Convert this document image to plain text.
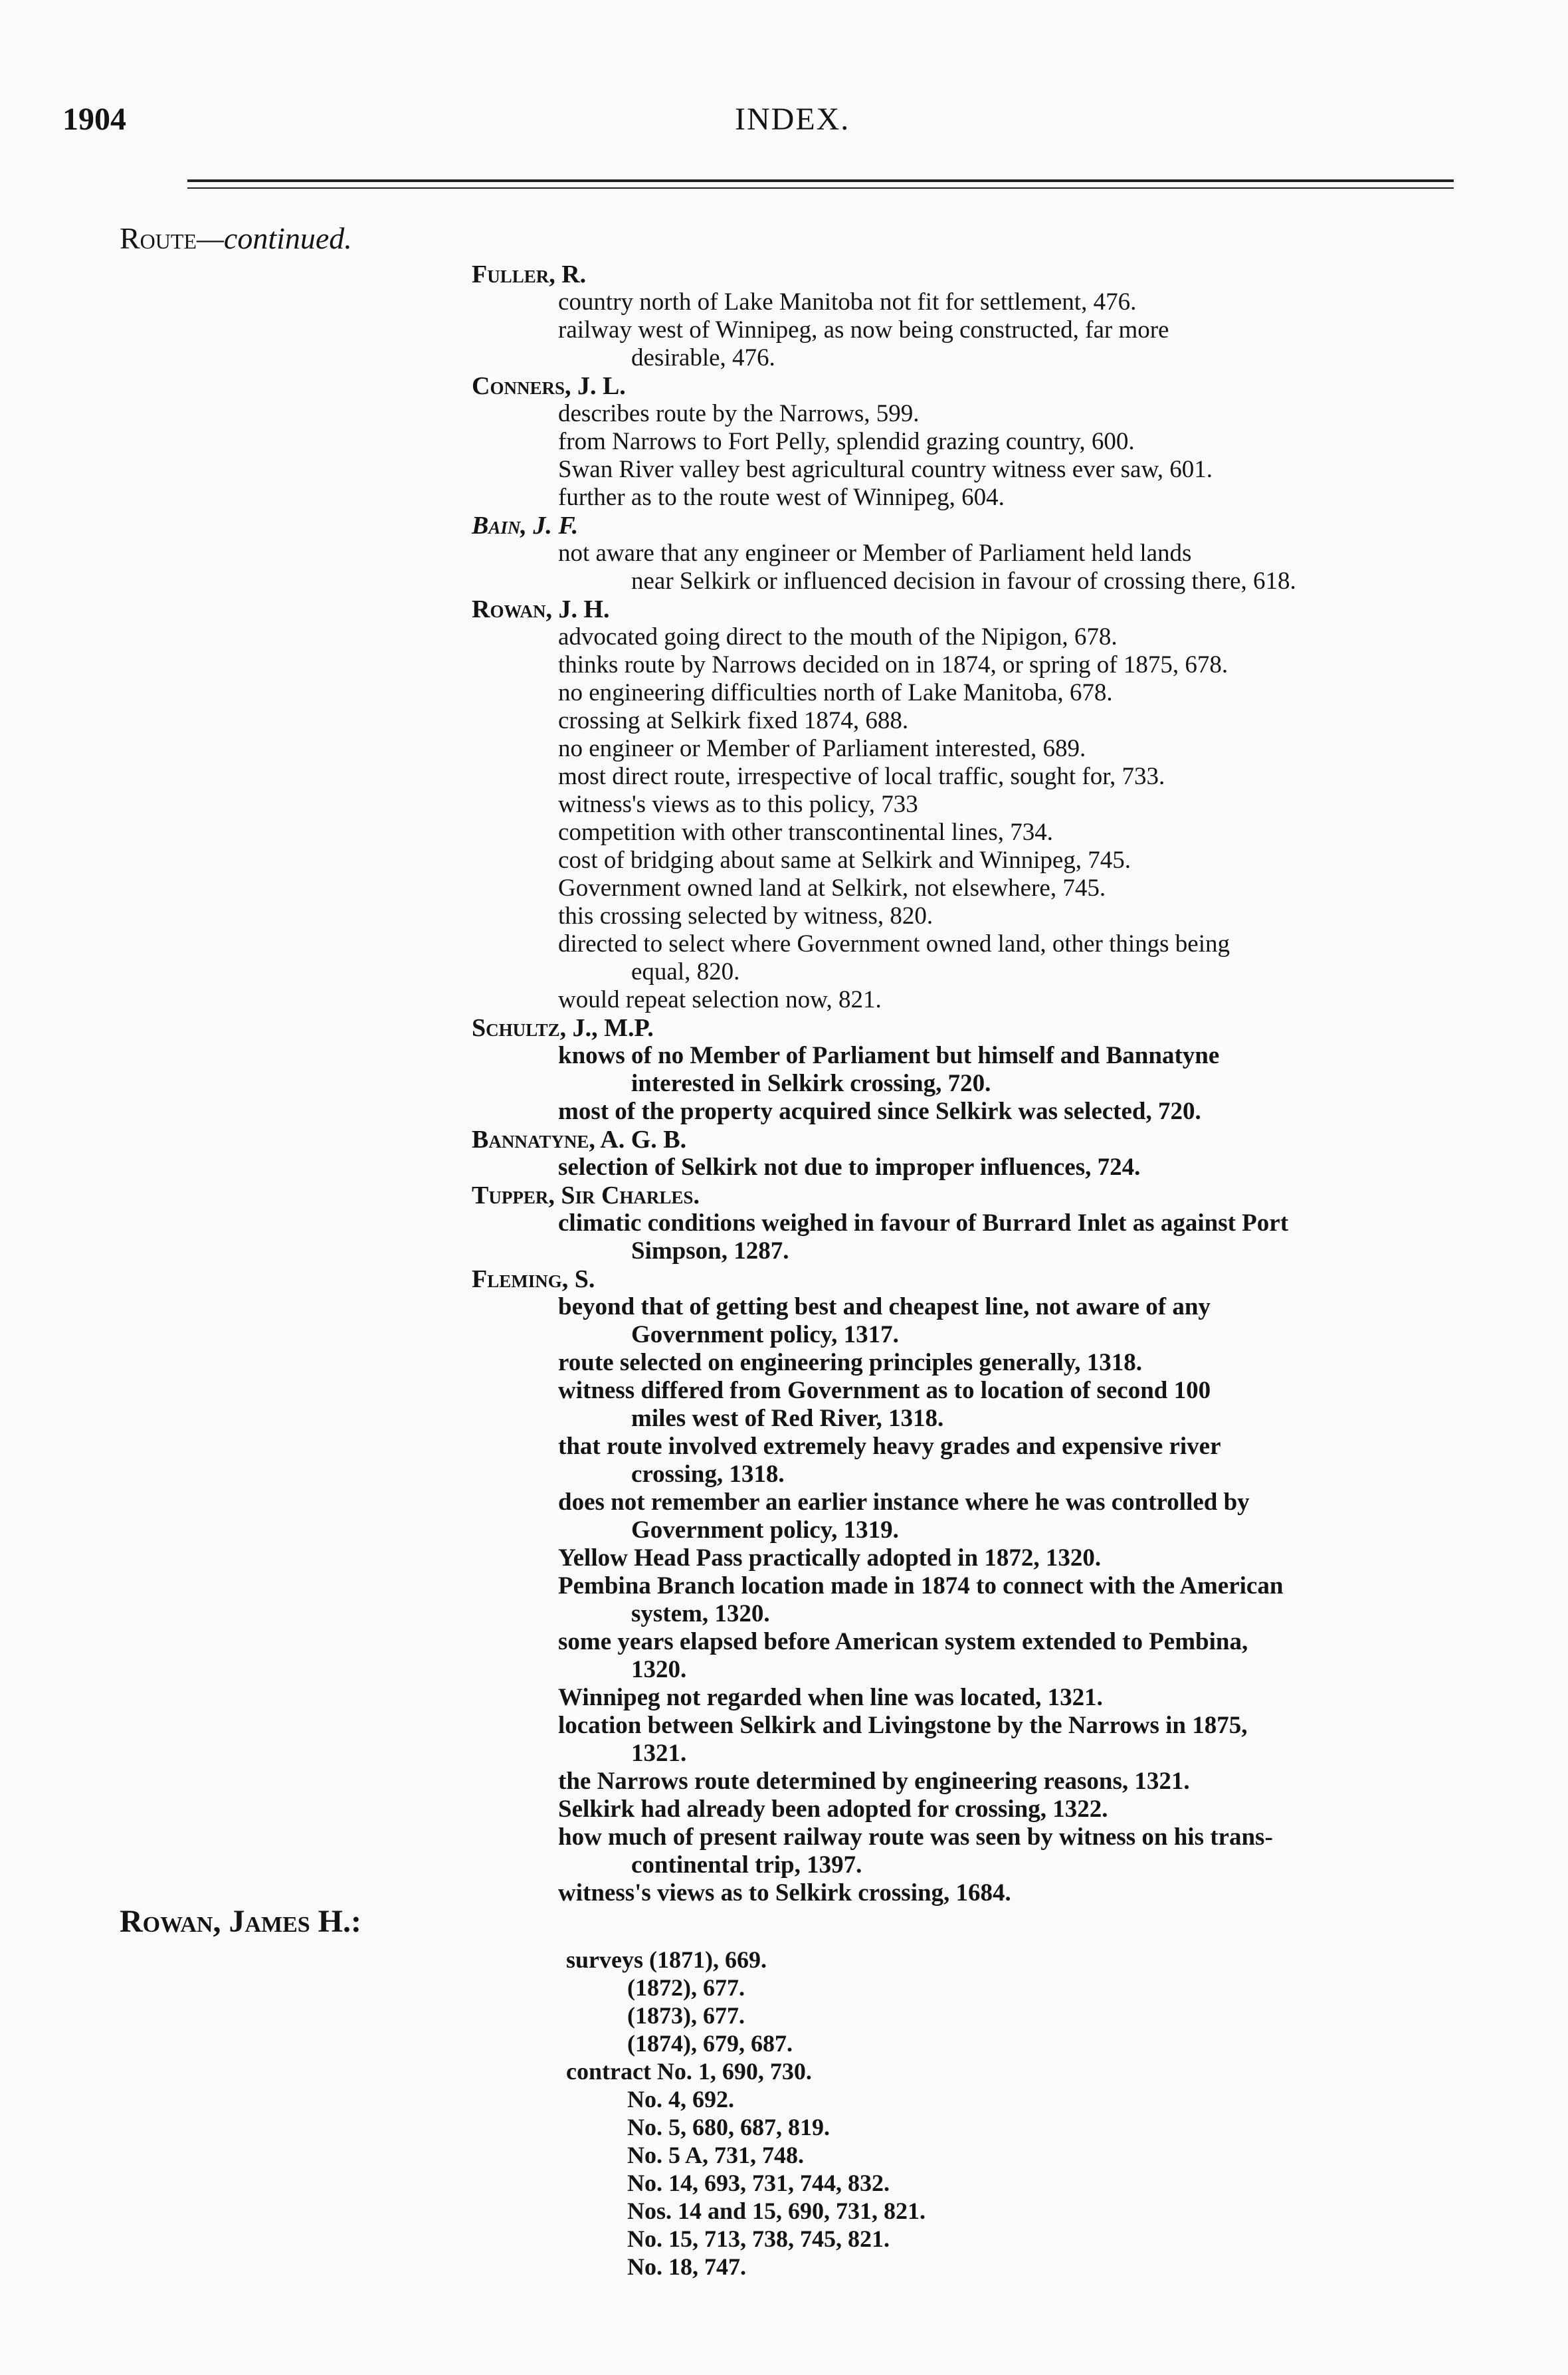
1904	INDEX.
Route—continued.

Fuller, R.

country north of Lake Manitoba not fit for settlement, 476.

railway west of Winnipeg, as now being constructed, far more
desirable, 476.

Conners, J. L.

describes route by the Narrows, 599.

from Narrows to Fort Pelly, splendid grazing country, 600.

Swan River valley best agricultural country witness ever saw, 601.

further as to the route west of Winnipeg, 604.

Bain, J. F.

not aware that any engineer or Member of Parliament held lands
near Selkirk or influenced decision in favour of crossing there, 618.

Rowan, J. H.

advocated going direct to the mouth of the Nipigon, 678.

thinks route by Narrows decided on in 1874, or spring of 1875, 678.

no engineering difficulties north of Lake Manitoba, 678.

crossing at Selkirk fixed 1874, 688.

no engineer or Member of Parliament interested, 689.

most direct route, irrespective of local traffic, sought for, 733.

witness's views as to this policy, 733

competition with other transcontinental lines, 734.

cost of bridging about same at Selkirk and Winnipeg, 745.

Government owned land at Selkirk, not elsewhere, 745.

this crossing selected by witness, 820.

directed to select where Government owned land, other things being
equal, 820.

would repeat selection now, 821.

Schultz, J., M.P.

knows of no Member of Parliament but himself and Bannatyne
interested in Selkirk crossing, 720.

most of the property acquired since Selkirk was selected, 720.

Bannatyne, A. G. B.

selection of Selkirk not due to improper influences, 724.

Tupper, Sir Charles.

climatic conditions weighed in favour of Burrard Inlet as against Port
Simpson, 1287.

Fleming, S.

beyond that of getting best and cheapest line, not aware of any
Government policy, 1317.

route selected on engineering principles generally, 1318.

witness differed from Government as to location of second 100
miles west of Red River, 1318.

that route involved extremely heavy grades and expensive river
crossing, 1318.

does not remember an earlier instance where he was controlled by
Government policy, 1319.

Yellow Head Pass practically adopted in 1872, 1320.

Pembina Branch location made in 1874 to connect with the American
system, 1320.

some years elapsed before American system extended to Pembina,
1320.

Winnipeg not regarded when line was located, 1321.

location between Selkirk and Livingstone by the Narrows in 1875,
1321.

the Narrows route determined by engineering reasons, 1321.

Selkirk had already been adopted for crossing, 1322.

how much of present railway route was seen by witness on his trans-
continental trip, 1397.

witness's views as to Selkirk crossing, 1684.

Rowan, James H.:

surveys (1871), 669.

(1872), 677.

(1873), 677.

(1874), 679, 687.

contract No. 1, 690, 730.

No. 4, 692.

No. 5, 680, 687, 819.

No. 5 A, 731, 748.

No. 14, 693, 731, 744, 832.

Nos. 14 and 15, 690, 731, 821.

No. 15, 713, 738, 745, 821.

No. 18, 747.
